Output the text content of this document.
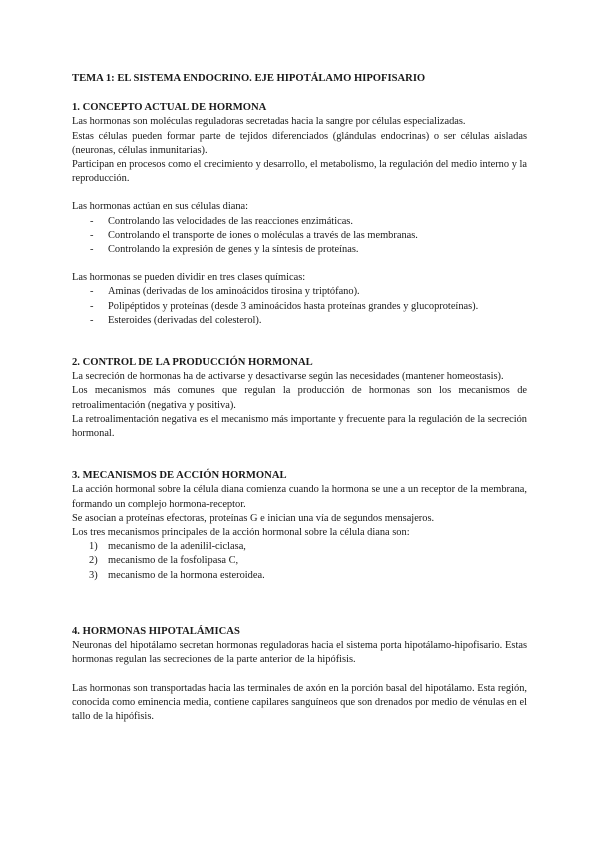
TEMA 1: EL SISTEMA ENDOCRINO. EJE HIPOTÁLAMO HIPOFISARIO
1. CONCEPTO ACTUAL DE HORMONA

Las hormonas son moléculas reguladoras secretadas hacia la sangre por células especializadas.

Estas células pueden formar parte de tejidos diferenciados (glándulas endocrinas) o ser células aisladas (neuronas, células inmunitarias).

Participan en procesos como el crecimiento y desarrollo, el metabolismo, la regulación del medio interno y la reproducción.

Las hormonas actúan en sus células diana:

- Controlando las velocidades de las reacciones enzimáticas.
- Controlando el transporte de iones o moléculas a través de las membranas.
- Controlando la expresión de genes y la síntesis de proteínas.

Las hormonas se pueden dividir en tres clases químicas:

- Aminas (derivadas de los aminoácidos tirosina y triptófano).
- Polipéptidos y proteínas (desde 3 aminoácidos hasta proteínas grandes y glucoproteínas).
- Esteroides (derivadas del colesterol).
2. CONTROL DE LA PRODUCCIÓN HORMONAL

La secreción de hormonas ha de activarse y desactivarse según las necesidades (mantener homeostasis).

Los mecanismos más comunes que regulan la producción de hormonas son los mecanismos de retroalimentación (negativa y positiva).

La retroalimentación negativa es el mecanismo más importante y frecuente para la regulación de la secreción hormonal.

3. MECANISMOS DE ACCIÓN HORMONAL

La acción hormonal sobre la célula diana comienza cuando la hormona se une a un receptor de la membrana, formando un complejo hormona-receptor.

Se asocian a proteínas efectoras, proteínas G e inician una vía de segundos mensajeros.

Los tres mecanismos principales de la acción hormonal sobre la célula diana son:

1) mecanismo de la adenilil-ciclasa,
2) mecanismo de la fosfolipasa C,
3) mecanismo de la hormona esteroidea.
4. HORMONAS HIPOTALÁMICAS

Neuronas del hipotálamo secretan hormonas reguladoras hacia el sistema porta hipotálamo-hipofisario. Estas hormonas regulan las secreciones de la parte anterior de la hipófisis.

Las hormonas son transportadas hacia las terminales de axón en la porción basal del hipotálamo. Esta región, conocida como eminencia media, contiene capilares sanguíneos que son drenados por medio de vénulas en el tallo de la hipófisis.
